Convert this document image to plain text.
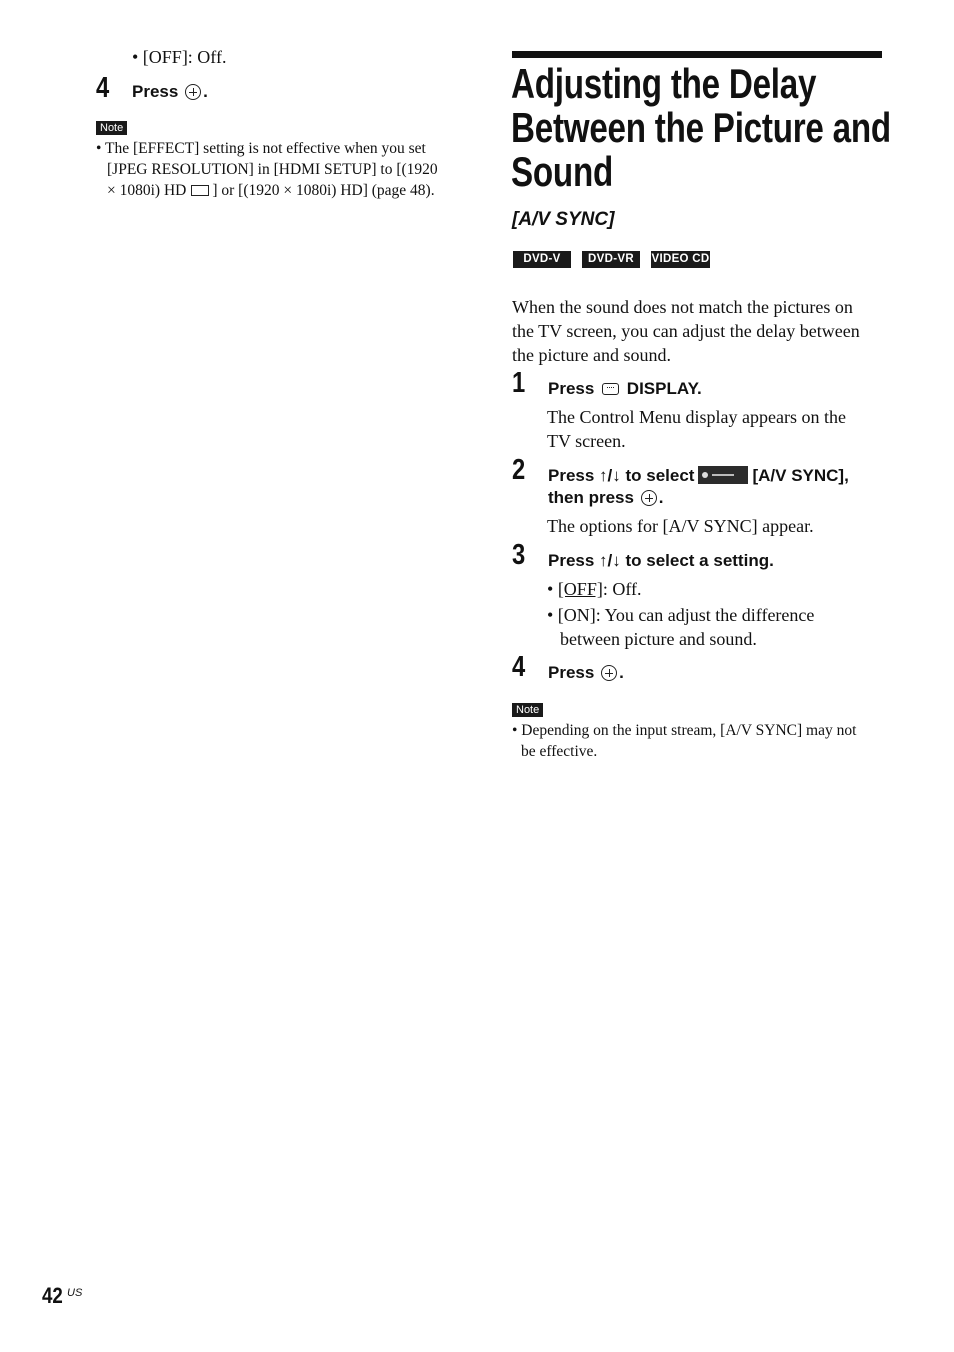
• [OFF]: Off.
4 Press .
Note
• The [EFFECT] setting is not effective when you set
[JPEG RESOLUTION] in [HDMI SETUP] to [(1920
× 1080i) HD ] or [(1920 × 1080i) HD] (page 48).
Adjusting the Delay
Between the Picture and
Sound
[A/V SYNC]
DVD-V	DVD-VR	VIDEO CD
When the sound does not match the pictures on
the TV screen, you can adjust the delay between
the picture and sound.
1 Press DISPLAY.
The Control Menu display appears on the
TV screen.
2 Press ↑/↓ to select	[A/V SYNC],
then press .
The options for [A/V SYNC] appear.
3 Press ↑/↓ to select a setting.
• [OFF]: Off.
• [ON]: You can adjust the difference
between picture and sound.
4 Press .
Note
• Depending on the input stream, [A/V SYNC] may not
be effective.
42 US
